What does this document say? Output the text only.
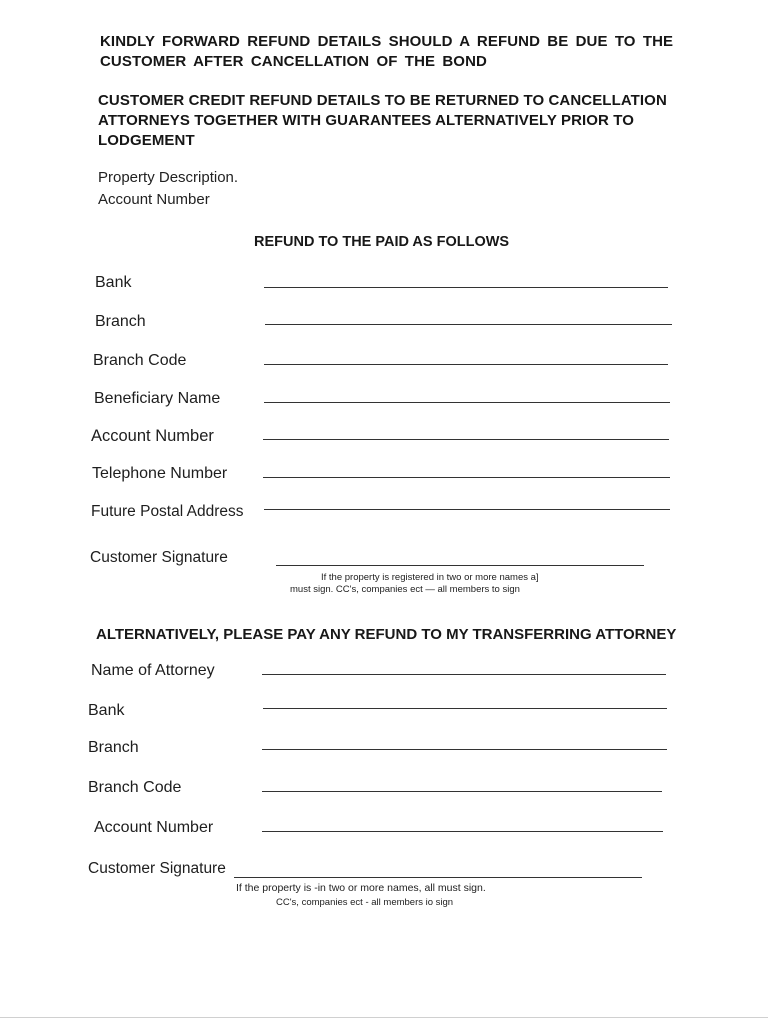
KINDLY FORWARD REFUND DETAILS SHOULD A REFUND BE DUE TO THE CUSTOMER AFTER CANCELLATION OF THE BOND
CUSTOMER CREDIT REFUND DETAILS TO BE RETURNED TO CANCELLATION ATTORNEYS TOGETHER WITH GUARANTEES ALTERNATIVELY PRIOR TO LODGEMENT
Property Description.
Account Number
REFUND TO THE PAID AS FOLLOWS
Bank
Branch
Branch Code
Beneficiary Name
Account Number
Telephone Number
Future Postal Address
Customer Signature
If the property is registered in two or more names a]
must sign. CC's, companies ect — all members to sign
ALTERNATIVELY, PLEASE PAY ANY REFUND TO MY TRANSFERRING ATTORNEY
Name of Attorney
Bank
Branch
Branch Code
Account Number
Customer Signature
If the property is -in two or more names, all must sign.
CC's, companies ect - all members io sign
